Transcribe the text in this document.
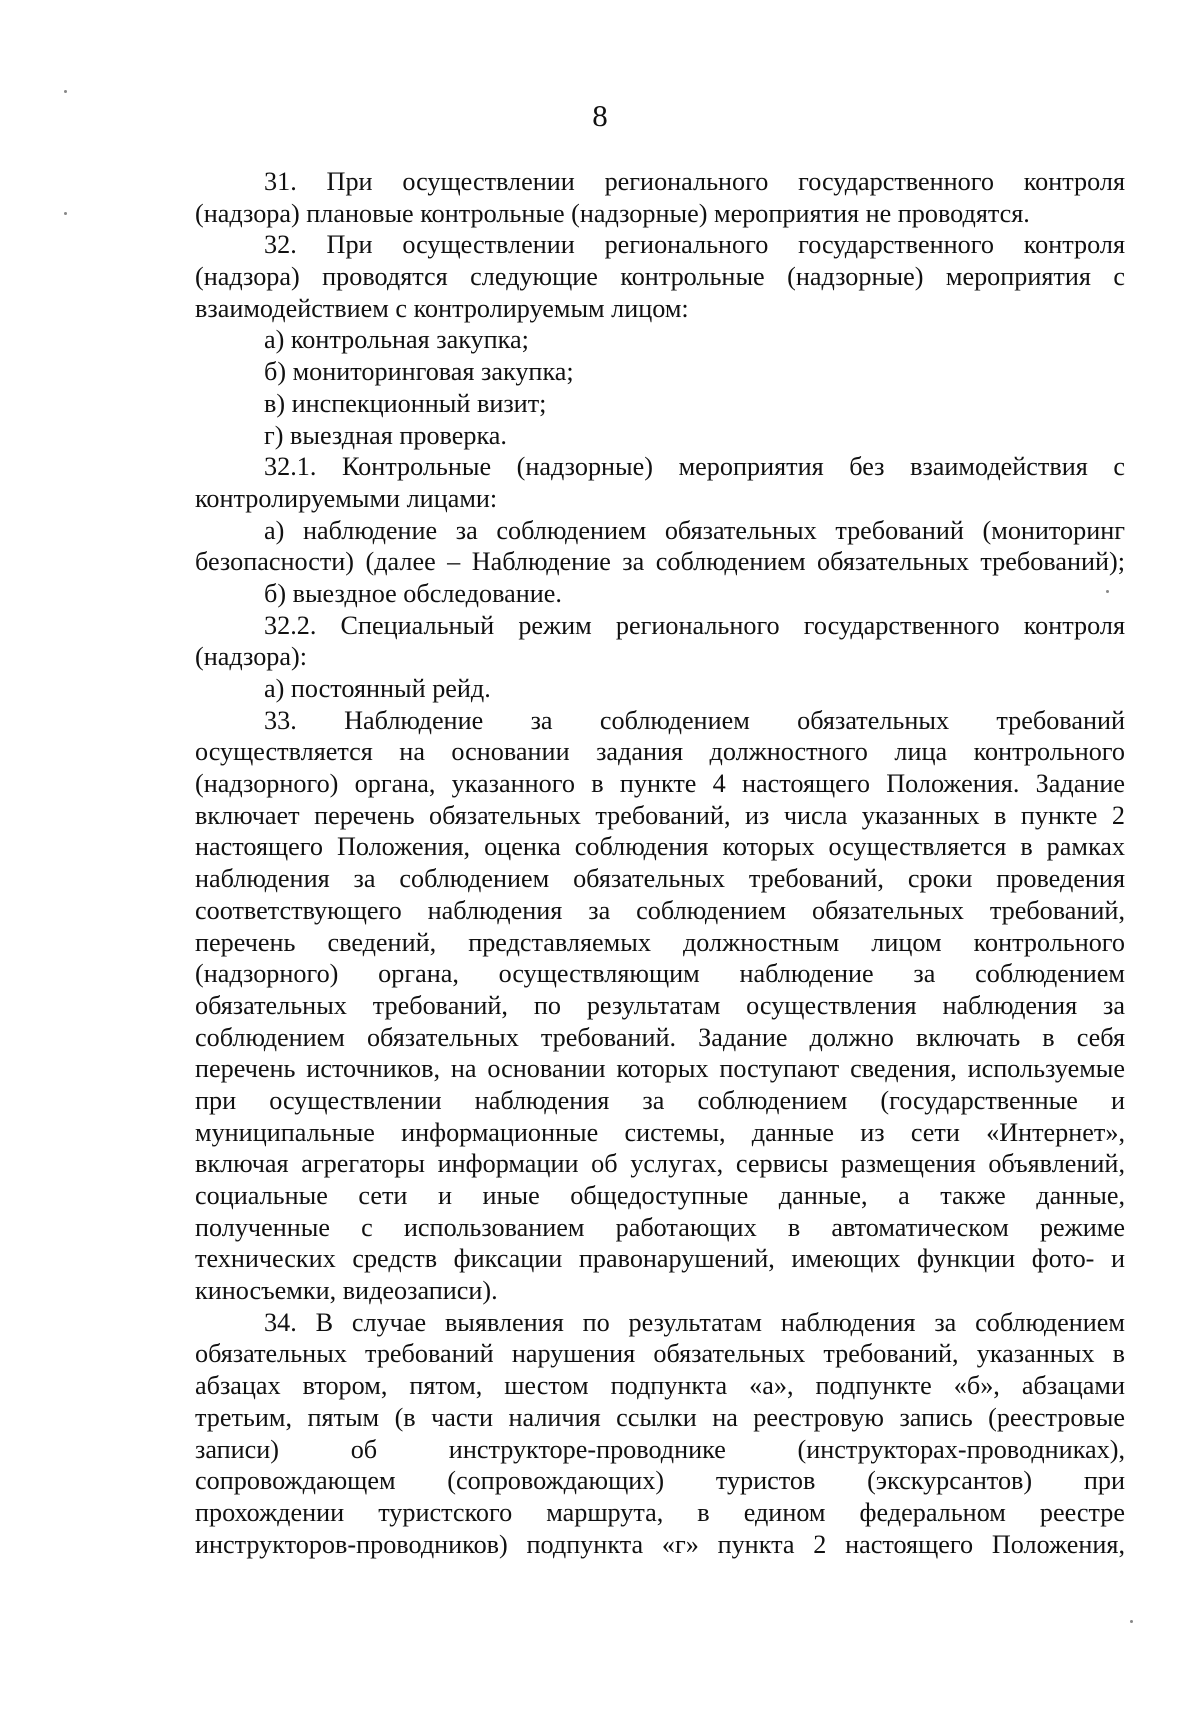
8
31. При осуществлении регионального государственного контроля
(надзора) плановые контрольные (надзорные) мероприятия не проводятся.
32. При осуществлении регионального государственного контроля
(надзора) проводятся следующие контрольные (надзорные) мероприятия с
взаимодействием с контролируемым лицом:
а) контрольная закупка;
б) мониторинговая закупка;
в) инспекционный визит;
г) выездная проверка.
32.1. Контрольные (надзорные) мероприятия без взаимодействия с
контролируемыми лицами:
а) наблюдение за соблюдением обязательных требований (мониторинг
безопасности) (далее – Наблюдение за соблюдением обязательных требований);
б) выездное обследование.
32.2. Специальный режим регионального государственного контроля
(надзора):
а) постоянный рейд.
33. Наблюдение за соблюдением обязательных требований
осуществляется на основании задания должностного лица контрольного
(надзорного) органа, указанного в пункте 4 настоящего Положения. Задание
включает перечень обязательных требований, из числа указанных в пункте 2
настоящего Положения, оценка соблюдения которых осуществляется в рамках
наблюдения за соблюдением обязательных требований, сроки проведения
соответствующего наблюдения за соблюдением обязательных требований,
перечень сведений, представляемых должностным лицом контрольного
(надзорного) органа, осуществляющим наблюдение за соблюдением
обязательных требований, по результатам осуществления наблюдения за
соблюдением обязательных требований. Задание должно включать в себя
перечень источников, на основании которых поступают сведения, используемые
при осуществлении наблюдения за соблюдением (государственные и
муниципальные информационные системы, данные из сети «Интернет»,
включая агрегаторы информации об услугах, сервисы размещения объявлений,
социальные сети и иные общедоступные данные, а также данные,
полученные с использованием работающих в автоматическом режиме
технических средств фиксации правонарушений, имеющих функции фото- и
киносъемки, видеозаписи).
34. В случае выявления по результатам наблюдения за соблюдением
обязательных требований нарушения обязательных требований, указанных в
абзацах втором, пятом, шестом подпункта «а», подпункте «б», абзацами
третьим, пятым (в части наличия ссылки на реестровую запись (реестровые
записи) об инструкторе-проводнике (инструкторах-проводниках),
сопровождающем (сопровождающих) туристов (экскурсантов) при
прохождении туристского маршрута, в едином федеральном реестре
инструкторов-проводников) подпункта «г» пункта 2 настоящего Положения,
